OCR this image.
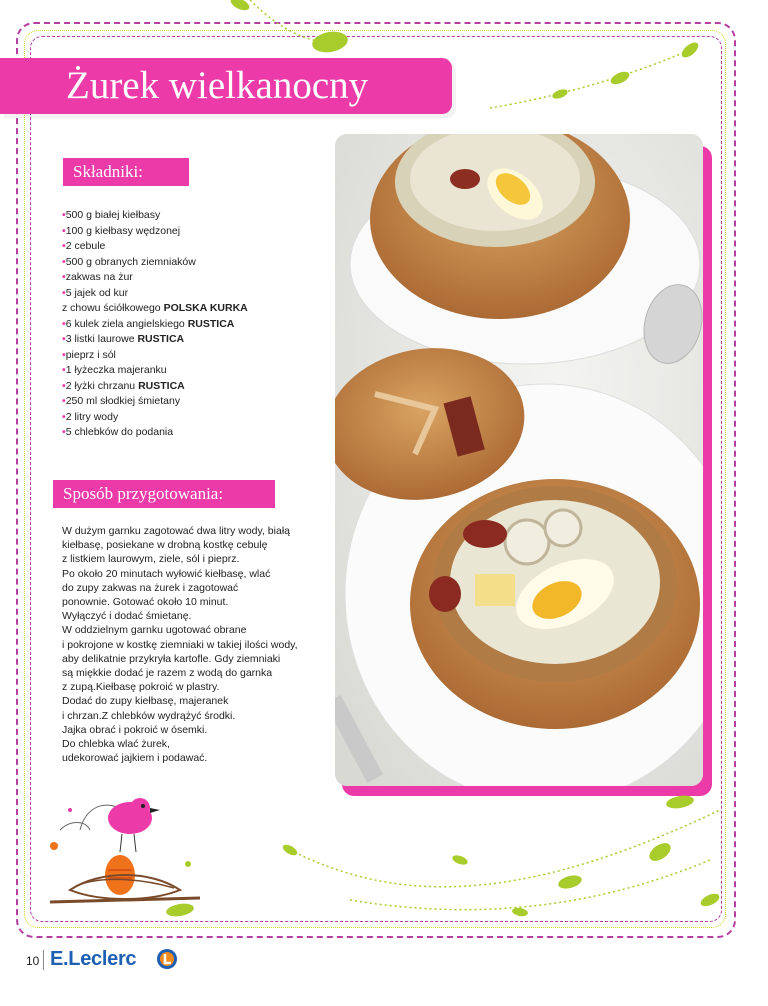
Żurek wielkanocny
Składniki:
•500 g białej kiełbasy
•100 g kiełbasy wędzonej
•2 cebule
•500 g obranych ziemniaków
•zakwas na żur
•5 jajek od kur
z chowu ściółkowego POLSKA KURKA
•6 kulek ziela angielskiego RUSTICA
•3 listki laurowe RUSTICA
•pieprz i sól
•1 łyżeczka majeranku
•2 łyżki chrzanu RUSTICA
•250 ml słodkiej śmietany
•2 litry wody
•5 chlebków do podania
Sposób przygotowania:
W dużym garnku zagotować dwa litry wody, białą
kiełbasę, posiekane w drobną kostkę cebulę
z listkiem laurowym, ziele, sól i pieprz.
Po około 20 minutach wyłowić kiełbasę, wlać
do zupy zakwas na żurek i zagotować
ponownie. Gotować około 10 minut.
Wyłączyć i dodać śmietanę.
W oddzielnym garnku ugotować obrane
i pokrojone w kostkę ziemniaki w takiej ilości wody,
aby delikatnie przykryła kartofle. Gdy ziemniaki
są miękkie dodać je razem z wodą do garnka
z zupą.Kiełbasę pokroić w plastry.
Dodać do zupy kiełbasę, majeranek
i chrzan.Z chlebków wydrążyć środki.
Jajka obrać i pokroić w ósemki.
Do chlebka wlać żurek,
udekorować jajkiem i podawać.
10 E.Leclerc
